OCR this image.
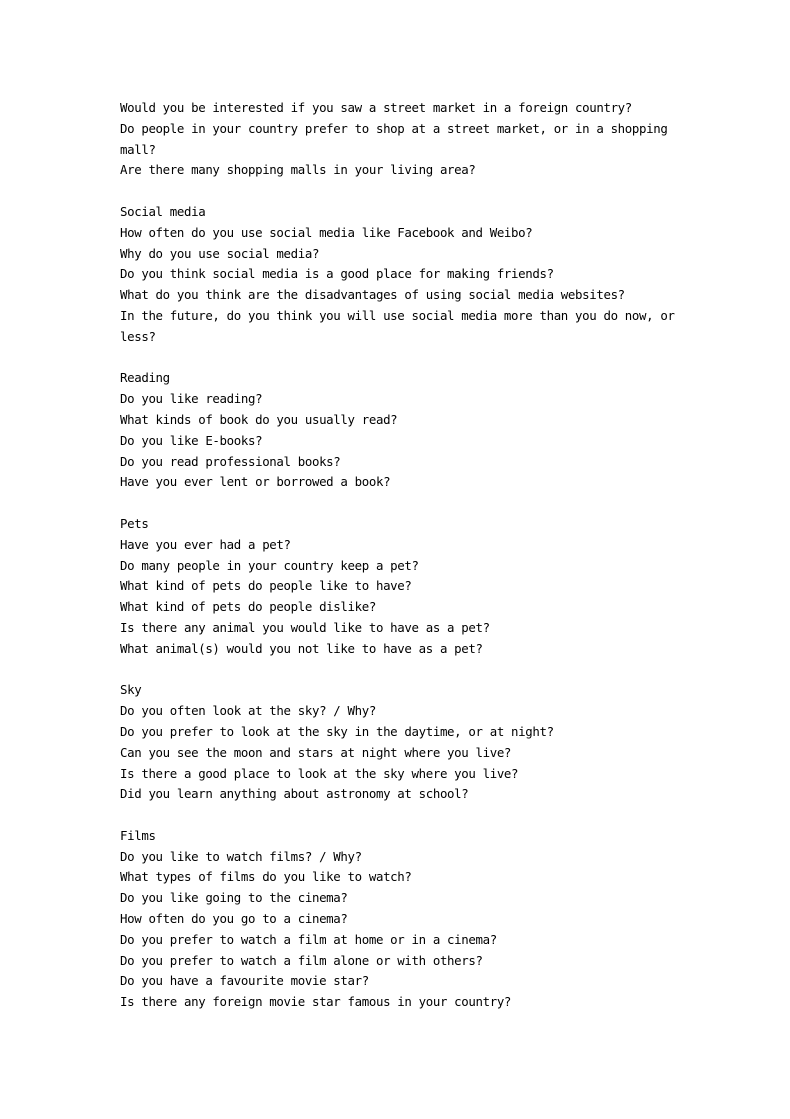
Would you be interested if you saw a street market in a foreign country?
Do people in your country prefer to shop at a street market, or in a shopping
mall?
Are there many shopping malls in your living area?
Social media
How often do you use social media like Facebook and Weibo?
Why do you use social media?
Do you think social media is a good place for making friends?
What do you think are the disadvantages of using social media websites?
In the future, do you think you will use social media more than you do now, or
less?
Reading
Do you like reading?
What kinds of book do you usually read?
Do you like E-books?
Do you read professional books?
Have you ever lent or borrowed a book?
Pets
Have you ever had a pet?
Do many people in your country keep a pet?
What kind of pets do people like to have?
What kind of pets do people dislike?
Is there any animal you would like to have as a pet?
What animal(s) would you not like to have as a pet?
Sky
Do you often look at the sky? / Why?
Do you prefer to look at the sky in the daytime, or at night?
Can you see the moon and stars at night where you live?
Is there a good place to look at the sky where you live?
Did you learn anything about astronomy at school?
Films
Do you like to watch films? / Why?
What types of films do you like to watch?
Do you like going to the cinema?
How often do you go to a cinema?
Do you prefer to watch a film at home or in a cinema?
Do you prefer to watch a film alone or with others?
Do you have a favourite movie star?
Is there any foreign movie star famous in your country?
